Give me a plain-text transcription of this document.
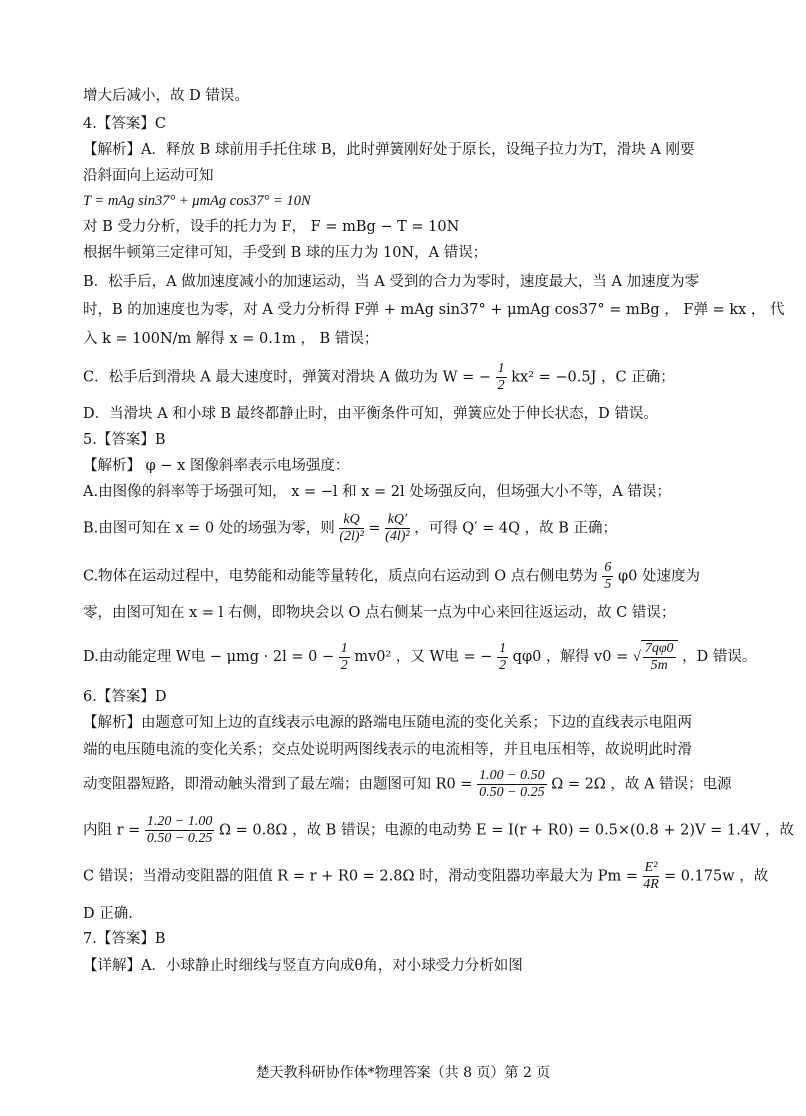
增大后减小，故 D 错误。
4.【答案】C
【解析】A．释放 B 球前用手托住球 B，此时弹簧刚好处于原长，设绳子拉力为T，滑块 A 刚要
沿斜面向上运动可知
T = mAg sin37° + μmAg cos37° = 10N
对 B 受力分析，设手的托力为 F， F = mBg − T = 10N
根据牛顿第三定律可知，手受到 B 球的压力为 10N，A 错误；
B．松手后，A 做加速度减小的加速运动，当 A 受到的合力为零时，速度最大，当 A 加速度为零
时，B 的加速度也为零，对 A 受力分析得 F弹 + mAg sin37° + μmAg cos37° = mBg ， F弹 = kx ， 代
入 k = 100N/m 解得 x = 0.1m ， B 错误；
C．松手后到滑块 A 最大速度时，弹簧对滑块 A 做功为 W = − $\frac{1}{2} kx^2 = -0.5J$ ，C 正确；
D．当滑块 A 和小球 B 最终都静止时，由平衡条件可知，弹簧应处于伸长状态，D 错误。
5.【答案】B
【解析】 φ − x 图像斜率表示电场强度：
A.由图像的斜率等于场强可知， x = −l 和 x = 2l 处场强反向，但场强大小不等，A 错误；
B.由图可知在 x = 0 处的场强为零，则 $\frac{kQ}{\text{(2l)²}} = \frac{kQ'}{\text{(4l)²}}$ ，可得 Q′ = 4Q ，故 B 正确；
C.物体在运动过程中，电势能和动能等量转化，质点向右运动到 O 点右侧电势为 $\frac{6}{5} \varphi 0$ 处速度为
零，由图可知在 x = l 右侧，即物块会以 O 点右侧某一点为中心来回往返运动，故 C 错误；
D.由动能定理 W电 − $\mu mg \cdot 2l = 0 - \frac{1}{2} mv0^2$ ，又 W电 = − $\frac{1}{2} q\varphi 0$ ，解得 v0 = √ $\frac{7q\varphi 0}{5m}$ ，D 错误。
6.【答案】D
【解析】由题意可知上边的直线表示电源的路端电压随电流的变化关系；下边的直线表示电阻两
端的电压随电流的变化关系；交点处说明两图线表示的电流相等，并且电压相等，故说明此时滑
动变阻器短路，即滑动触头滑到了最左端；由题图可知 $R0 = \frac{1.00 - 0.50}{0.50 - 0.25}$ Ω = 2Ω ，故 A 错误；电源
内阻 $r = \frac{1.20 - 1.00}{0.50 - 0.25}$ Ω = 0.8Ω ，故 B 错误；电源的电动势 E = I(r + R0) = 0.5×(0.8 + 2)V = 1.4V ，故
C 错误；当滑动变阻器的阻值 R = r + R0 = 2.8Ω 时，滑动变阻器功率最大为 $Pm = \frac{\text{E²}}{4R} = 0.175w$ ，故
D 正确.
7.【答案】B
【详解】A．小球静止时细线与竖直方向成θ角，对小球受力分析如图
楚天教科研协作体*物理答案（共 8 页）第 2 页
